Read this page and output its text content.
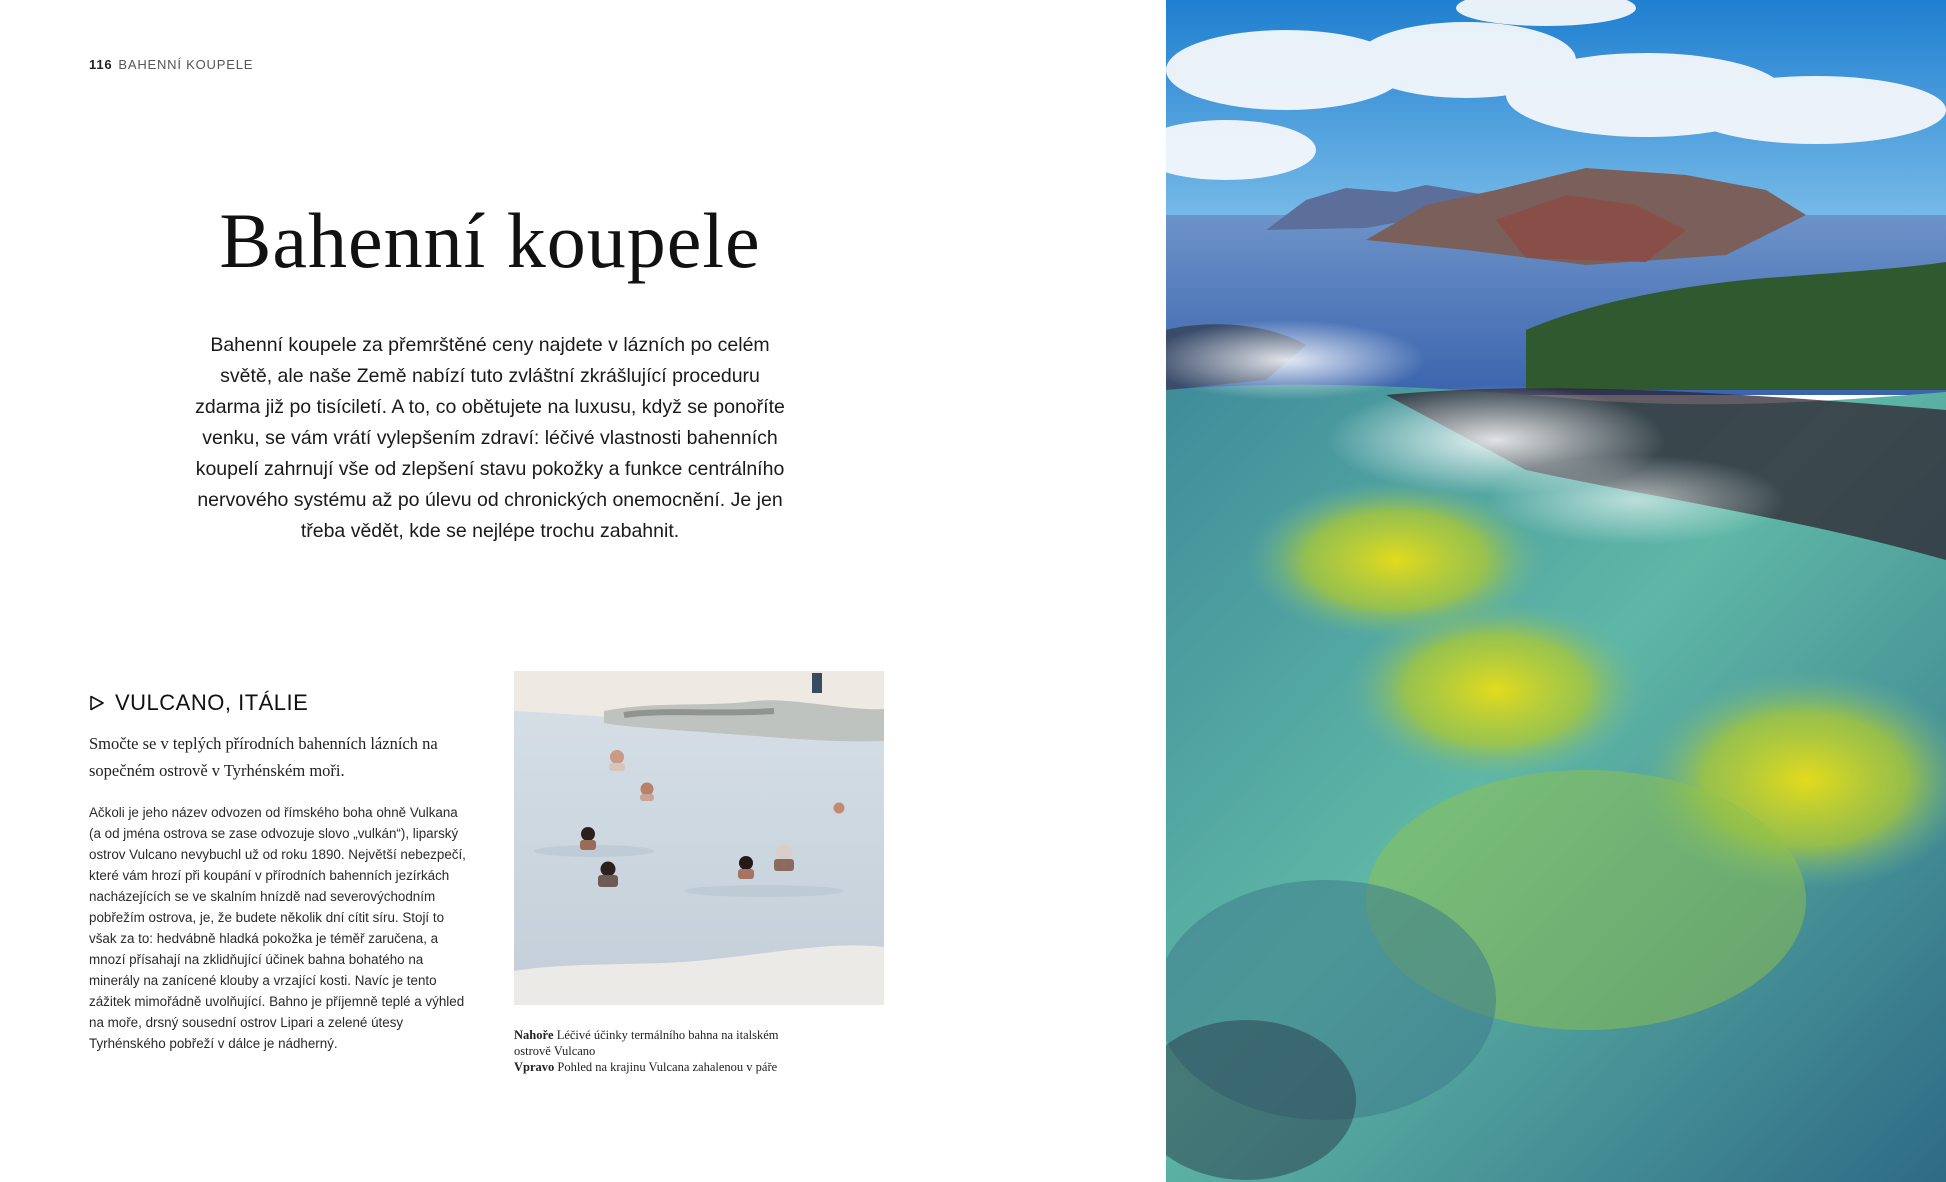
116 BAHENNÍ KOUPELE
Bahenní koupele

Bahenní koupele za přemrštěné ceny najdete v lázních po celém světě, ale naše Země nabízí tuto zvláštní zkrášlující proceduru zdarma již po tisíciletí. A to, co obětujete na luxusu, když se ponoříte venku, se vám vrátí vylepšením zdraví: léčivé vlastnosti bahenních koupelí zahrnují vše od zlepšení stavu pokožky a funkce centrálního nervového systému až po úlevu od chronických onemocnění. Je jen třeba vědět, kde se nejlépe trochu zabahnit.

VULCANO, ITÁLIE

Smočte se v teplých přírodních bahenních lázních na sopečném ostrově v Tyrhénském moři.

Ačkoli je jeho název odvozen od římského boha ohně Vulkana (a od jména ostrova se zase odvozuje slovo „vulkán“), liparský ostrov Vulcano nevybuchl už od roku 1890. Největší nebezpečí, které vám hrozí při koupání v přírodních bahenních jezírkách nacházejících se ve skalním hnízdě nad severovýchodním pobřežím ostrova, je, že budete několik dní cítit síru. Stojí to však za to: hedvábně hladká pokožka je téměř zaručena, a mnozí přísahají na zklidňující účinek bahna bohatého na minerály na zanícené klouby a vrzající kosti. Navíc je tento zážitek mimořádně uvolňující. Bahno je příjemně teplé a výhled na moře, drsný sousední ostrov Lipari a zelené útesy Tyrhénského pobřeží v dálce je nádherný.

Nahoře Léčivé účinky termálního bahna na italském ostrově Vulcano
Vpravo Pohled na krajinu Vulcana zahalenou v páře
